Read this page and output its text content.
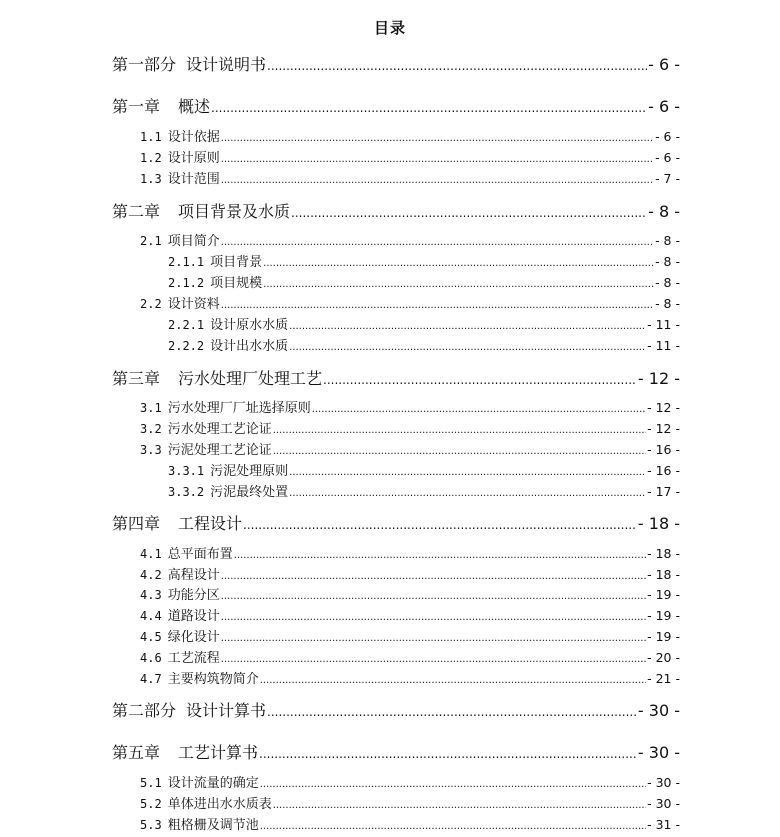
目录
第一部分 设计说明书 .....	- 6 -
第一章 概述 .....	- 6 -
1.1 设计依据 .....	- 6 -
1.2 设计原则 .....	- 6 -
1.3 设计范围 .....	- 7 -
第二章 项目背景及水质 .....	- 8 -
2.1 项目简介 .....	- 8 -
2.1.1 项目背景 .....	- 8 -
2.1.2 项目规模 .....	- 8 -
2.2 设计资料 .....	- 8 -
2.2.1 设计原水水质 .....	- 11 -
2.2.2 设计出水水质 .....	- 11 -
第三章 污水处理厂处理工艺 .....	- 12 -
3.1 污水处理厂厂址选择原则 .....	- 12 -
3.2 污水处理工艺论证 .....	- 12 -
3.3 污泥处理工艺论证 .....	- 16 -
3.3.1 污泥处理原则 .....	- 16 -
3.3.2 污泥最终处置 .....	- 17 -
第四章 工程设计 .....	- 18 -
4.1 总平面布置 .....	- 18 -
4.2 高程设计 .....	- 18 -
4.3 功能分区 .....	- 19 -
4.4 道路设计 .....	- 19 -
4.5 绿化设计 .....	- 19 -
4.6 工艺流程 .....	- 20 -
4.7 主要构筑物简介 .....	- 21 -
第二部分 设计计算书 .....	- 30 -
第五章 工艺计算书 .....	- 30 -
5.1 设计流量的确定 .....	- 30 -
5.2 单体进出水水质表 .....	- 30 -
5.3 粗格栅及调节池 .....	- 31 -
